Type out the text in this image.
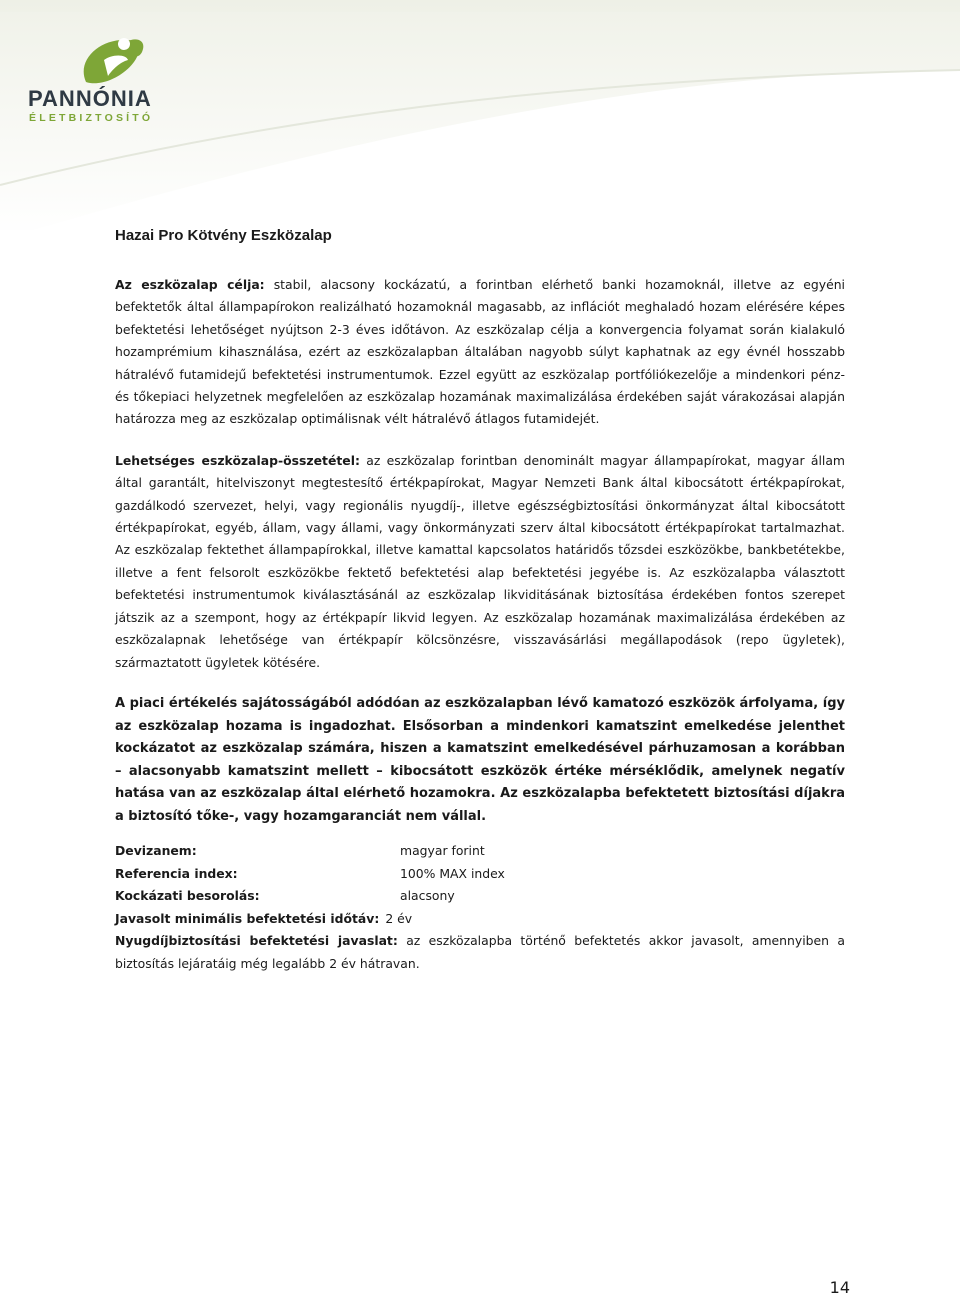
PANNÓNIA
ÉLETBIZTOSÍTÓ
Hazai Pro Kötvény Eszközalap

Az eszközalap célja: stabil, alacsony kockázatú, a forintban elérhető banki hozamoknál, illetve az egyéni befektetők által állampapírokon realizálható hozamoknál magasabb, az inflációt meghaladó hozam elérésére képes befektetési lehetőséget nyújtson 2-3 éves időtávon. Az eszközalap célja a konvergencia folyamat során kialakuló hozamprémium kihasználása, ezért az eszközalapban általában nagyobb súlyt kaphatnak az egy évnél hosszabb hátralévő futamidejű befektetési instrumentumok. Ezzel együtt az eszközalap portfóliókezelője a mindenkori pénz- és tőkepiaci helyzetnek megfelelően az eszközalap hozamának maximalizálása érdekében saját várakozásai alapján határozza meg az eszközalap optimálisnak vélt hátralévő átlagos futamidejét.

Lehetséges eszközalap-összetétel: az eszközalap forintban denominált magyar állampapírokat, magyar állam által garantált, hitelviszonyt megtestesítő értékpapírokat, Magyar Nemzeti Bank által kibocsátott értékpapírokat, gazdálkodó szervezet, helyi, vagy regionális nyugdíj-, illetve egészségbiztosítási önkormányzat által kibocsátott értékpapírokat, egyéb, állam, vagy állami, vagy önkormányzati szerv által kibocsátott értékpapírokat tartalmazhat. Az eszközalap fektethet állampapírokkal, illetve kamattal kapcsolatos határidős tőzsdei eszközökbe, bankbetétekbe, illetve a fent felsorolt eszközökbe fektető befektetési alap befektetési jegyébe is. Az eszközalapba választott befektetési instrumentumok kiválasztásánál az eszközalap likviditásának biztosítása érdekében fontos szerepet játszik az a szempont, hogy az értékpapír likvid legyen. Az eszközalap hozamának maximalizálása érdekében az eszközalapnak lehetősége van értékpapír kölcsönzésre, visszavásárlási megállapodások (repo ügyletek), származtatott ügyletek kötésére.

A piaci értékelés sajátosságából adódóan az eszközalapban lévő kamatozó eszközök árfolyama, így az eszközalap hozama is ingadozhat. Elsősorban a mindenkori kamatszint emelkedése jelenthet kockázatot az eszközalap számára, hiszen a kamatszint emelkedésével párhuzamosan a korábban – alacsonyabb kamatszint mellett – kibocsátott eszközök értéke mérséklődik, amelynek negatív hatása van az eszközalap által elérhető hozamokra. Az eszközalapba befektetett biztosítási díjakra a biztosító tőke-, vagy hozamgaranciát nem vállal.

Devizanem:	magyar forint
Referencia index:	100% MAX index
Kockázati besorolás:	alacsony
Javasolt minimális befektetési időtáv: 2 év
Nyugdíjbiztosítási befektetési javaslat: az eszközalapba történő befektetés akkor javasolt, amennyiben a biztosítás lejáratáig még legalább 2 év hátravan.
14
